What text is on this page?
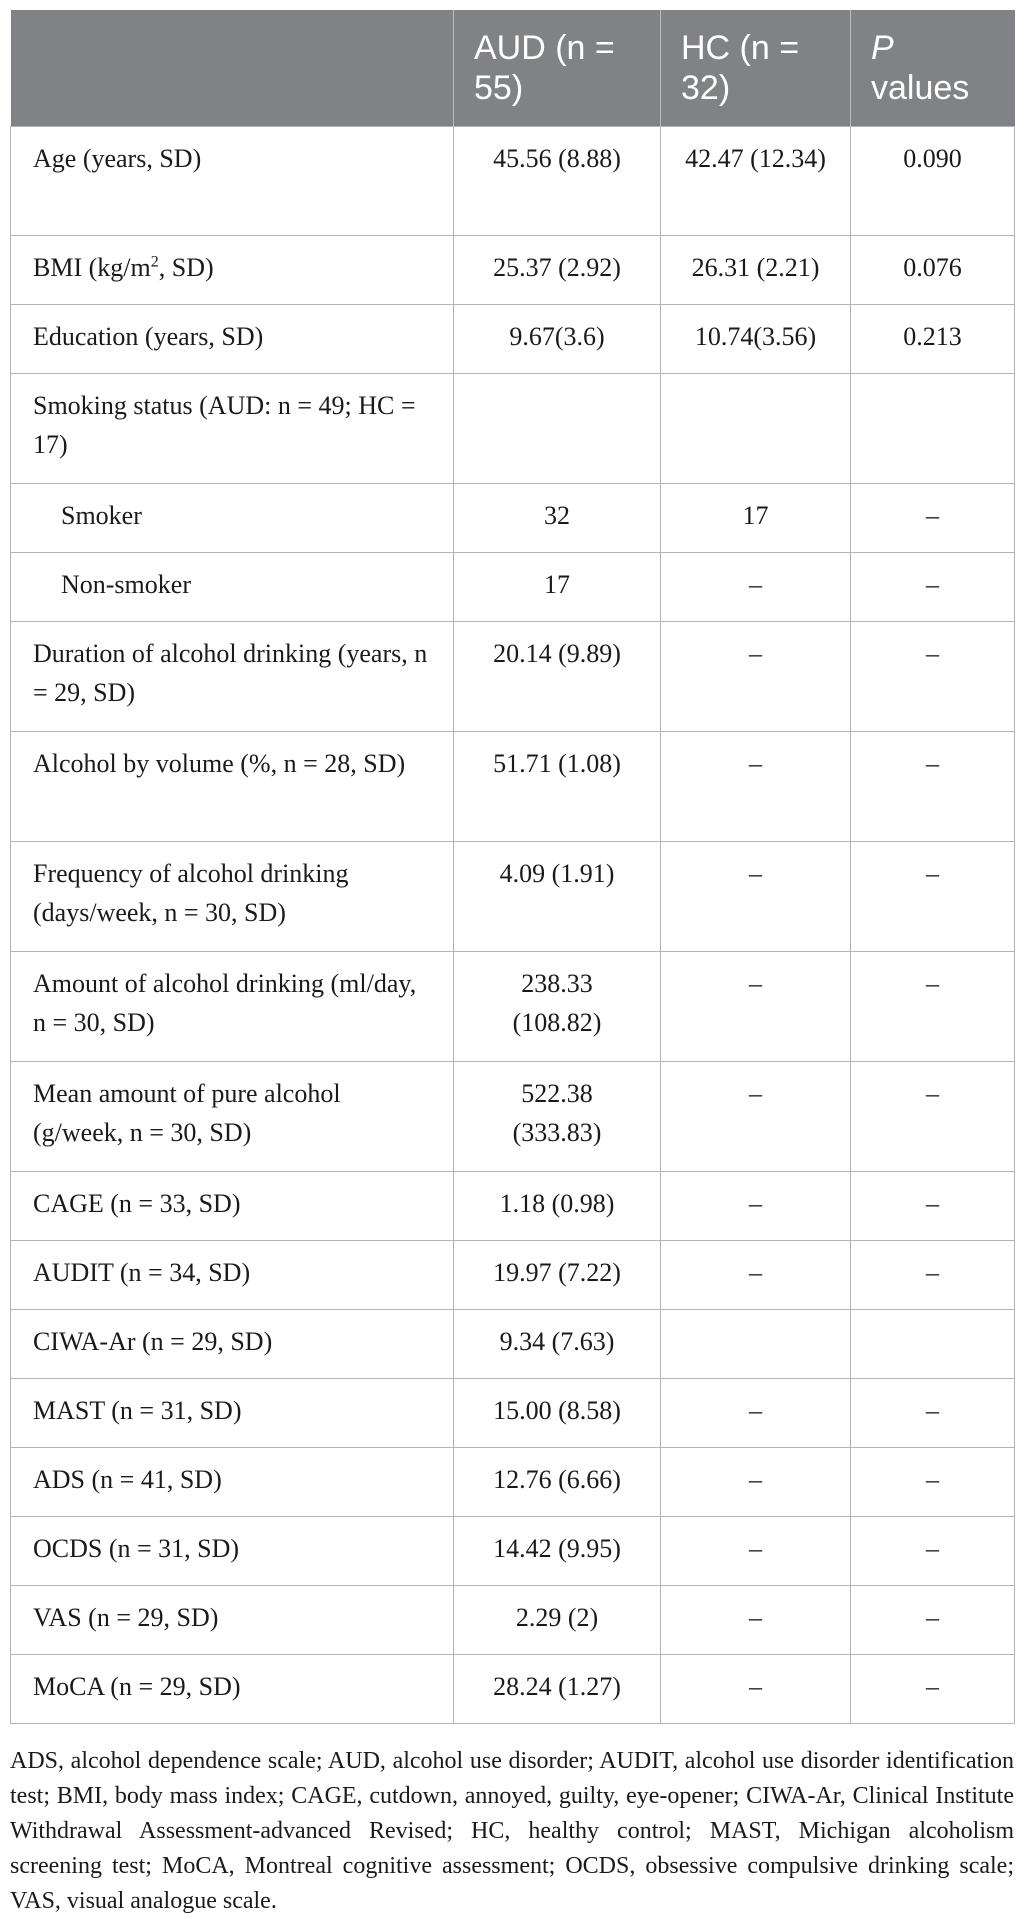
	AUD (n = 55)	HC (n = 32)	P
values
Age (years, SD)	45.56 (8.88)	42.47 (12.34)	0.090
BMI ($kg/m^2$, SD)	25.37 (2.92)	26.31 (2.21)	0.076
Education (years, SD)	9.67(3.6)	10.74(3.56)	0.213
Smoking status (AUD: n = 49; HC = 17)			
Smoker	32	17	–
Non-smoker	17	–	–
Duration of alcohol drinking (years, n = 29, SD)	20.14 (9.89)	–	–
Alcohol by volume (%, n = 28, SD)	51.71 (1.08)	–	–
Frequency of alcohol drinking (days/week, n = 30, SD)	4.09 (1.91)	–	–
Amount of alcohol drinking (ml/day, n = 30, SD)	238.33 (108.82)	–	–
Mean amount of pure alcohol (g/week, n = 30, SD)	522.38 (333.83)	–	–
CAGE (n = 33, SD)	1.18 (0.98)	–	–
AUDIT (n = 34, SD)	19.97 (7.22)	–	–
CIWA-Ar (n = 29, SD)	9.34 (7.63)		
MAST (n = 31, SD)	15.00 (8.58)	–	–
ADS (n = 41, SD)	12.76 (6.66)	–	–
OCDS (n = 31, SD)	14.42 (9.95)	–	–
VAS (n = 29, SD)	2.29 (2)	–	–
MoCA (n = 29, SD)	28.24 (1.27)	–	–

ADS, alcohol dependence scale; AUD, alcohol use disorder; AUDIT, alcohol use disorder identification test; BMI, body mass index; CAGE, cutdown, annoyed, guilty, eye-opener; CIWA-Ar, Clinical Institute Withdrawal Assessment-advanced Revised; HC, healthy control; MAST, Michigan alcoholism screening test; MoCA, Montreal cognitive assessment; OCDS, obsessive compulsive drinking scale; VAS, visual analogue scale.
